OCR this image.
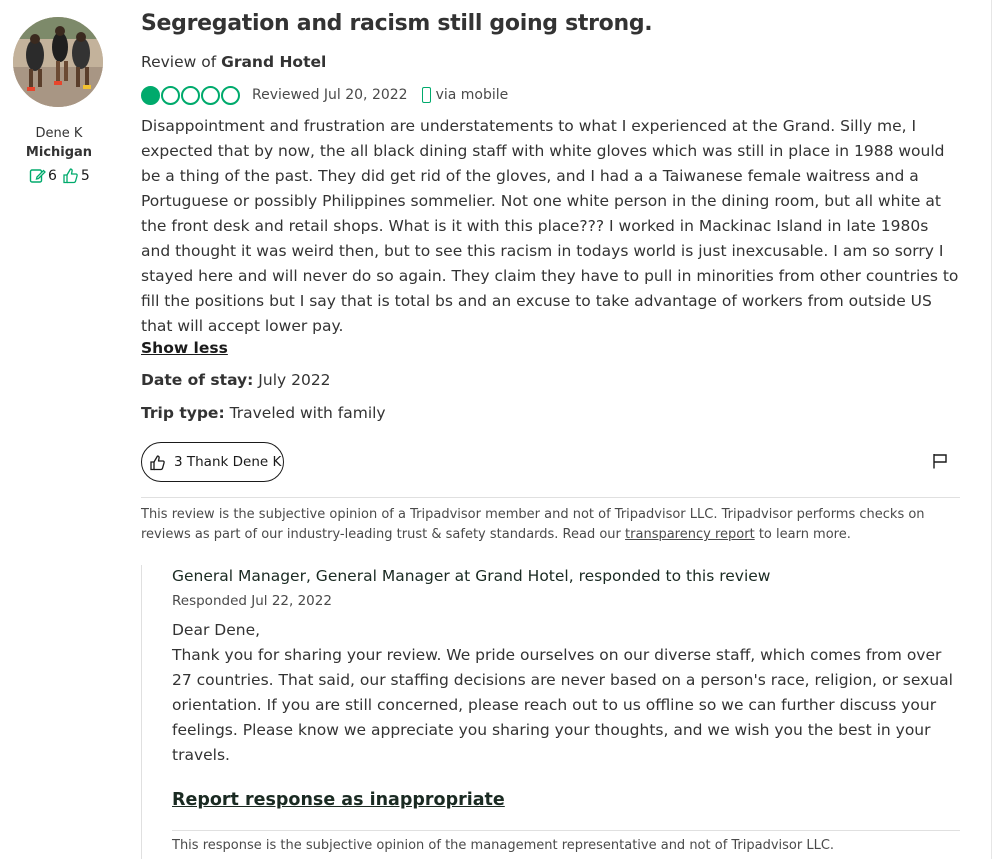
Dene K
Michigan
6 5
Segregation and racism still going strong.
Review of Grand Hotel
Reviewed Jul 20, 2022 via mobile
Disappointment and frustration are understatements to what I experienced at the Grand. Silly me, I expected that by now, the all black dining staff with white gloves which was still in place in 1988 would be a thing of the past. They did get rid of the gloves, and I had a a Taiwanese female waitress and a Portuguese or possibly Philippines sommelier. Not one white person in the dining room, but all white at the front desk and retail shops. What is it with this place??? I worked in Mackinac Island in late 1980s and thought it was weird then, but to see this racism in todays world is just inexcusable. I am so sorry I stayed here and will never do so again. They claim they have to pull in minorities from other countries to fill the positions but I say that is total bs and an excuse to take advantage of workers from outside US that will accept lower pay.
Show less
Date of stay: July 2022
Trip type: Traveled with family
3 Thank Dene K
This review is the subjective opinion of a Tripadvisor member and not of Tripadvisor LLC. Tripadvisor performs checks on reviews as part of our industry-leading trust & safety standards. Read our transparency report to learn more.
General Manager, General Manager at Grand Hotel, responded to this review
Responded Jul 22, 2022
Dear Dene,
Thank you for sharing your review. We pride ourselves on our diverse staff, which comes from over 27 countries. That said, our staffing decisions are never based on a person's race, religion, or sexual orientation. If you are still concerned, please reach out to us offline so we can further discuss your feelings. Please know we appreciate you sharing your thoughts, and we wish you the best in your travels.
Report response as inappropriate
This response is the subjective opinion of the management representative and not of Tripadvisor LLC.
